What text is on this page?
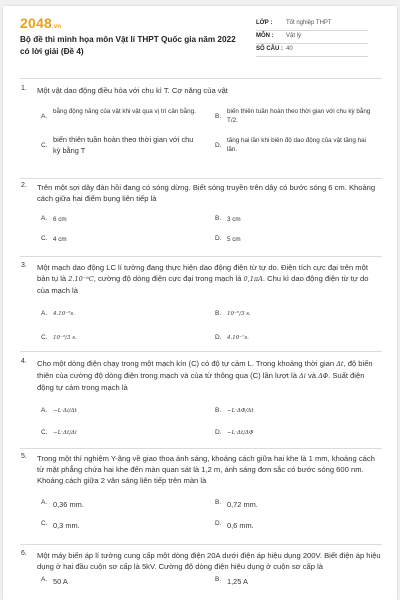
2048.vn
Bộ đề thi minh họa môn Vật lí THPT Quốc gia năm 2022 có lời giải (Đề 4)
LỚP : Tốt nghiệp THPT
MÔN : Vật lý
SỐ CÂU : 40
1. Một vật dao động điều hòa với chu kì T. Cơ năng của vật
A.
bằng động năng của vật khi vật qua vị trí cân bằng.
B.
biến thiên tuần hoàn theo thời gian với chu kỳ bằng T/2.
C.
biến thiên tuần hoàn theo thời gian với chu kỳ bằng T
D.
tăng hai lần khi biên độ dao động của vật tăng hai lần.
2. Trên một sợi dây đàn hồi đang có sóng dừng. Biết sóng truyền trên dây có bước sóng 6 cm. Khoảng cách giữa hai điểm bụng liên tiếp là
A. 6 cm	B. 3 cm
C. 4 cm	D. 5 cm
3. Một mạch dao động LC lí tưởng đang thực hiện dao động điện từ tự do. Điện tích cực đại trên một bản tụ là 2.10⁻⁸C, cường độ dòng điện cực đại trong mạch là 0,1πA. Chu kì dao động điện từ tự do của mạch là
A. 4.10⁻⁵s.	B. 10⁻⁶/3 s.
C. 10⁻³/3 s.	D. 4.10⁻⁷s.
4. Cho một dòng điện chạy trong một mạch kín (C) có độ tự cảm L. Trong khoảng thời gian Δt, độ biến thiên của cường độ dòng điện trong mạch và của từ thông qua (C) lần lượt là Δi và ΔΦ. Suất điện động tự cảm trong mạch là
A. −L·Δi/Δt	B. −L·ΔΦ/Δt
C. −L·Δt/Δi	D. −L·Δt/ΔΦ
5. Trong một thí nghiệm Y-âng về giao thoa ánh sáng, khoảng cách giữa hai khe là 1 mm, khoảng cách từ mặt phẳng chứa hai khe đến màn quan sát là 1,2 m, ánh sáng đơn sắc có bước sóng 600 nm. Khoảng cách giữa 2 vân sáng liên tiếp trên màn là
A. 0,36 mm.	B. 0,72 mm.
C. 0,3 mm.	D. 0,6 mm.
6. Một máy biến áp lí tưởng cung cấp một dòng điện 20A dưới điện áp hiệu dụng 200V. Biết điện áp hiệu dụng ở hai đầu cuộn sơ cấp là 5kV. Cường độ dòng điện hiệu dụng ở cuộn sơ cấp là
A. 50 A	B. 1,25 A
